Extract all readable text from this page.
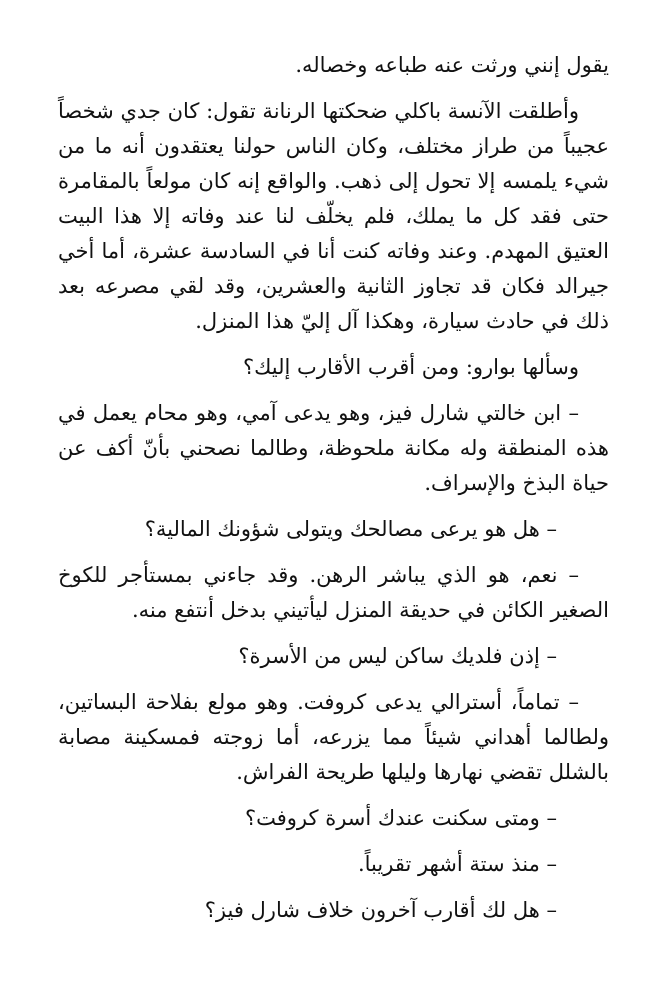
يقول إنني ورثت عنه طباعه وخصاله.

وأطلقت الآنسة باكلي ضحكتها الرنانة تقول: كان جدي شخصاً عجيباً من طراز مختلف، وكان الناس حولنا يعتقدون أنه ما من شيء يلمسه إلا تحول إلى ذهب. والواقع إنه كان مولعاً بالمقامرة حتى فقد كل ما يملك، فلم يخلّف لنا عند وفاته إلا هذا البيت العتيق المهدم. وعند وفاته كنت أنا في السادسة عشرة، أما أخي جيرالد فكان قد تجاوز الثانية والعشرين، وقد لقي مصرعه بعد ذلك في حادث سيارة، وهكذا آل إليّ هذا المنزل.

وسألها بوارو: ومن أقرب الأقارب إليك؟

– ابن خالتي شارل فيز، وهو يدعى آمي، وهو محام يعمل في هذه المنطقة وله مكانة ملحوظة، وطالما نصحني بأنّ أكف عن حياة البذخ والإسراف.

– هل هو يرعى مصالحك ويتولى شؤونك المالية؟

– نعم، هو الذي يباشر الرهن. وقد جاءني بمستأجر للكوخ الصغير الكائن في حديقة المنزل ليأتيني بدخل أنتفع منه.

– إذن فلديك ساكن ليس من الأسرة؟

– تماماً، أسترالي يدعى كروفت. وهو مولع بفلاحة البساتين، ولطالما أهداني شيئاً مما يزرعه، أما زوجته فمسكينة مصابة بالشلل تقضي نهارها وليلها طريحة الفراش.

– ومتى سكنت عندك أسرة كروفت؟

– منذ ستة أشهر تقريباً.

– هل لك أقارب آخرون خلاف شارل فيز؟
